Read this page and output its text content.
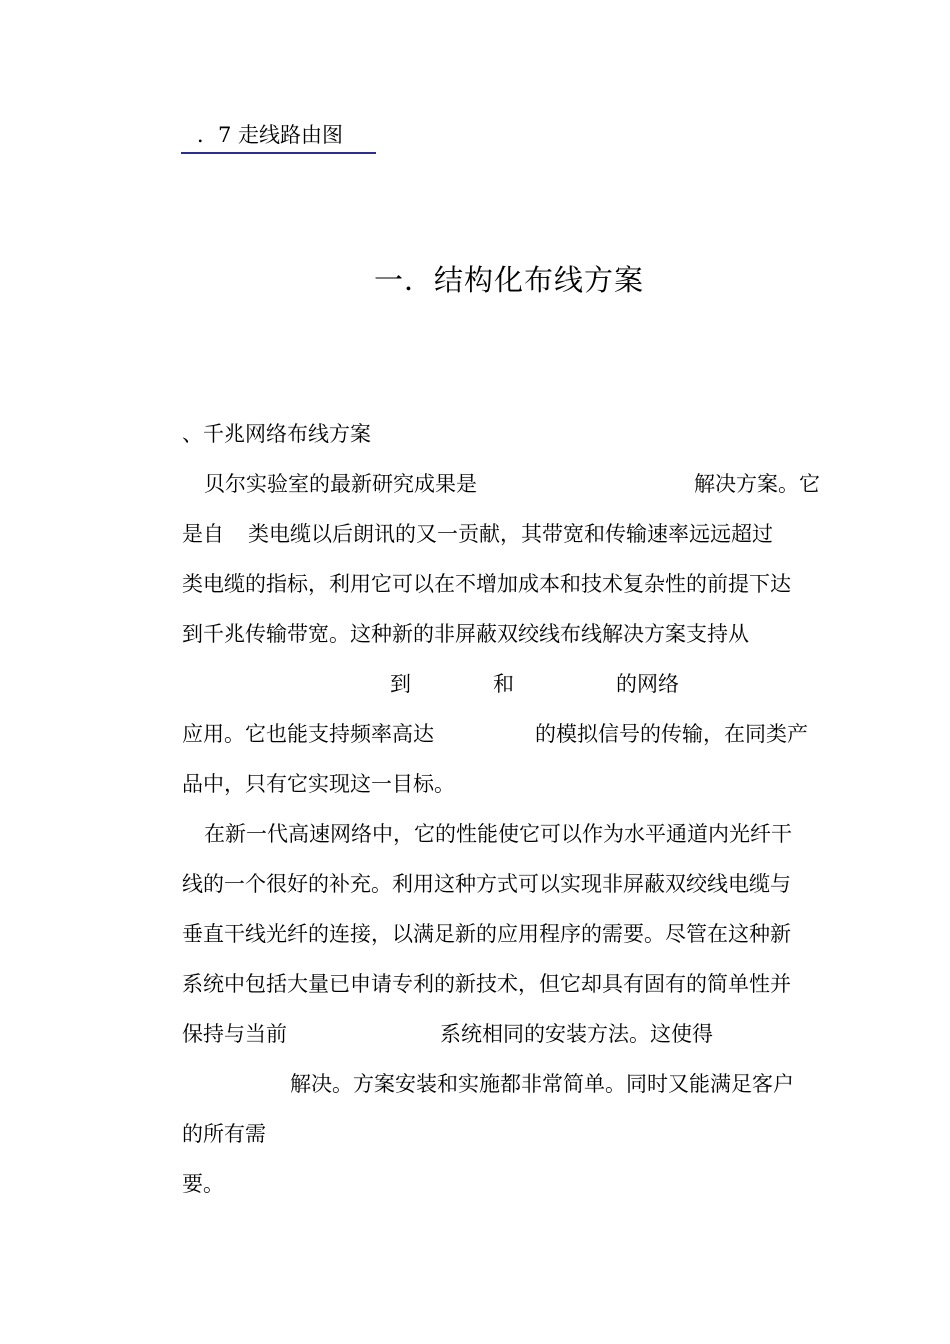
．7 走线路由图
一．结构化布线方案
、千兆网络布线方案
贝尔实验室的最新研究成果是	解决方案。它
是自 类电缆以后朗讯的又一贡献，其带宽和传输速率远远超过
类电缆的指标，利用它可以在不增加成本和技术复杂性的前提下达
到千兆传输带宽。这种新的非屏蔽双绞线布线解决方案支持从
到	和	的网络
应用。它也能支持频率高达	的模拟信号的传输，在同类产
品中，只有它实现这一目标。
在新一代高速网络中，它的性能使它可以作为水平通道内光纤干
线的一个很好的补充。利用这种方式可以实现非屏蔽双绞线电缆与
垂直干线光纤的连接，以满足新的应用程序的需要。尽管在这种新
系统中包括大量已申请专利的新技术，但它却具有固有的简单性并
保持与当前	系统相同的安装方法。这使得
解决。方案安装和实施都非常简单。同时又能满足客户
的所有需
要。
